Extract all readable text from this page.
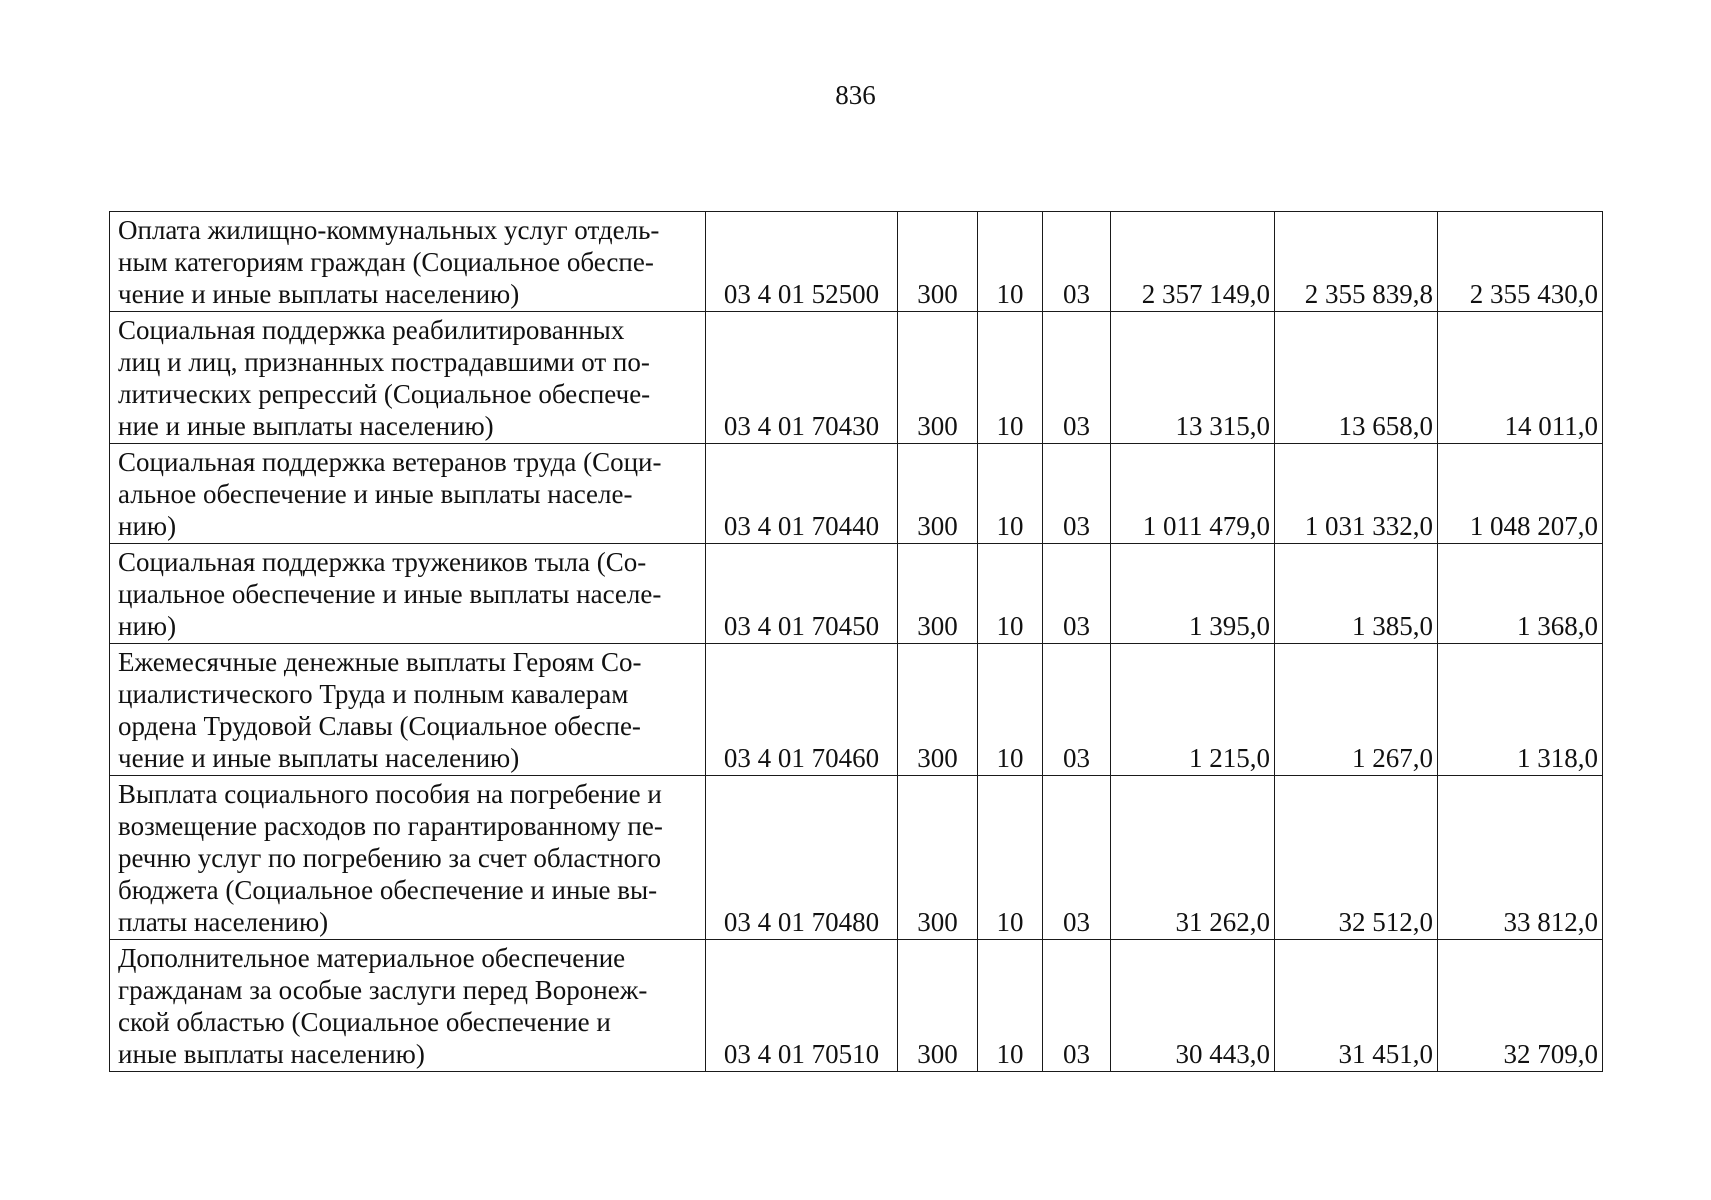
836
Оплата жилищно-коммунальных услуг отдель-
ным категориям граждан (Социальное обеспе-
чение и иные выплаты населению)	03 4 01 52500	300	10	03	2 357 149,0	2 355 839,8	2 355 430,0

Социальная поддержка реабилитированных
лиц и лиц, признанных пострадавшими от по-
литических репрессий (Социальное обеспече-
ние и иные выплаты населению)	03 4 01 70430	300	10	03	13 315,0	13 658,0	14 011,0

Социальная поддержка ветеранов труда (Соци-
альное обеспечение и иные выплаты населе-
нию)	03 4 01 70440	300	10	03	1 011 479,0	1 031 332,0	1 048 207,0

Социальная поддержка тружеников тыла (Со-
циальное обеспечение и иные выплаты населе-
нию)	03 4 01 70450	300	10	03	1 395,0	1 385,0	1 368,0

Ежемесячные денежные выплаты Героям Со-
циалистического Труда и полным кавалерам
ордена Трудовой Славы (Социальное обеспе-
чение и иные выплаты населению)	03 4 01 70460	300	10	03	1 215,0	1 267,0	1 318,0

Выплата социального пособия на погребение и
возмещение расходов по гарантированному пе-
речню услуг по погребению за счет областного
бюджета (Социальное обеспечение и иные вы-
платы населению)	03 4 01 70480	300	10	03	31 262,0	32 512,0	33 812,0

Дополнительное материальное обеспечение
гражданам за особые заслуги перед Воронеж-
ской областью (Социальное обеспечение и
иные выплаты населению)	03 4 01 70510	300	10	03	30 443,0	31 451,0	32 709,0
